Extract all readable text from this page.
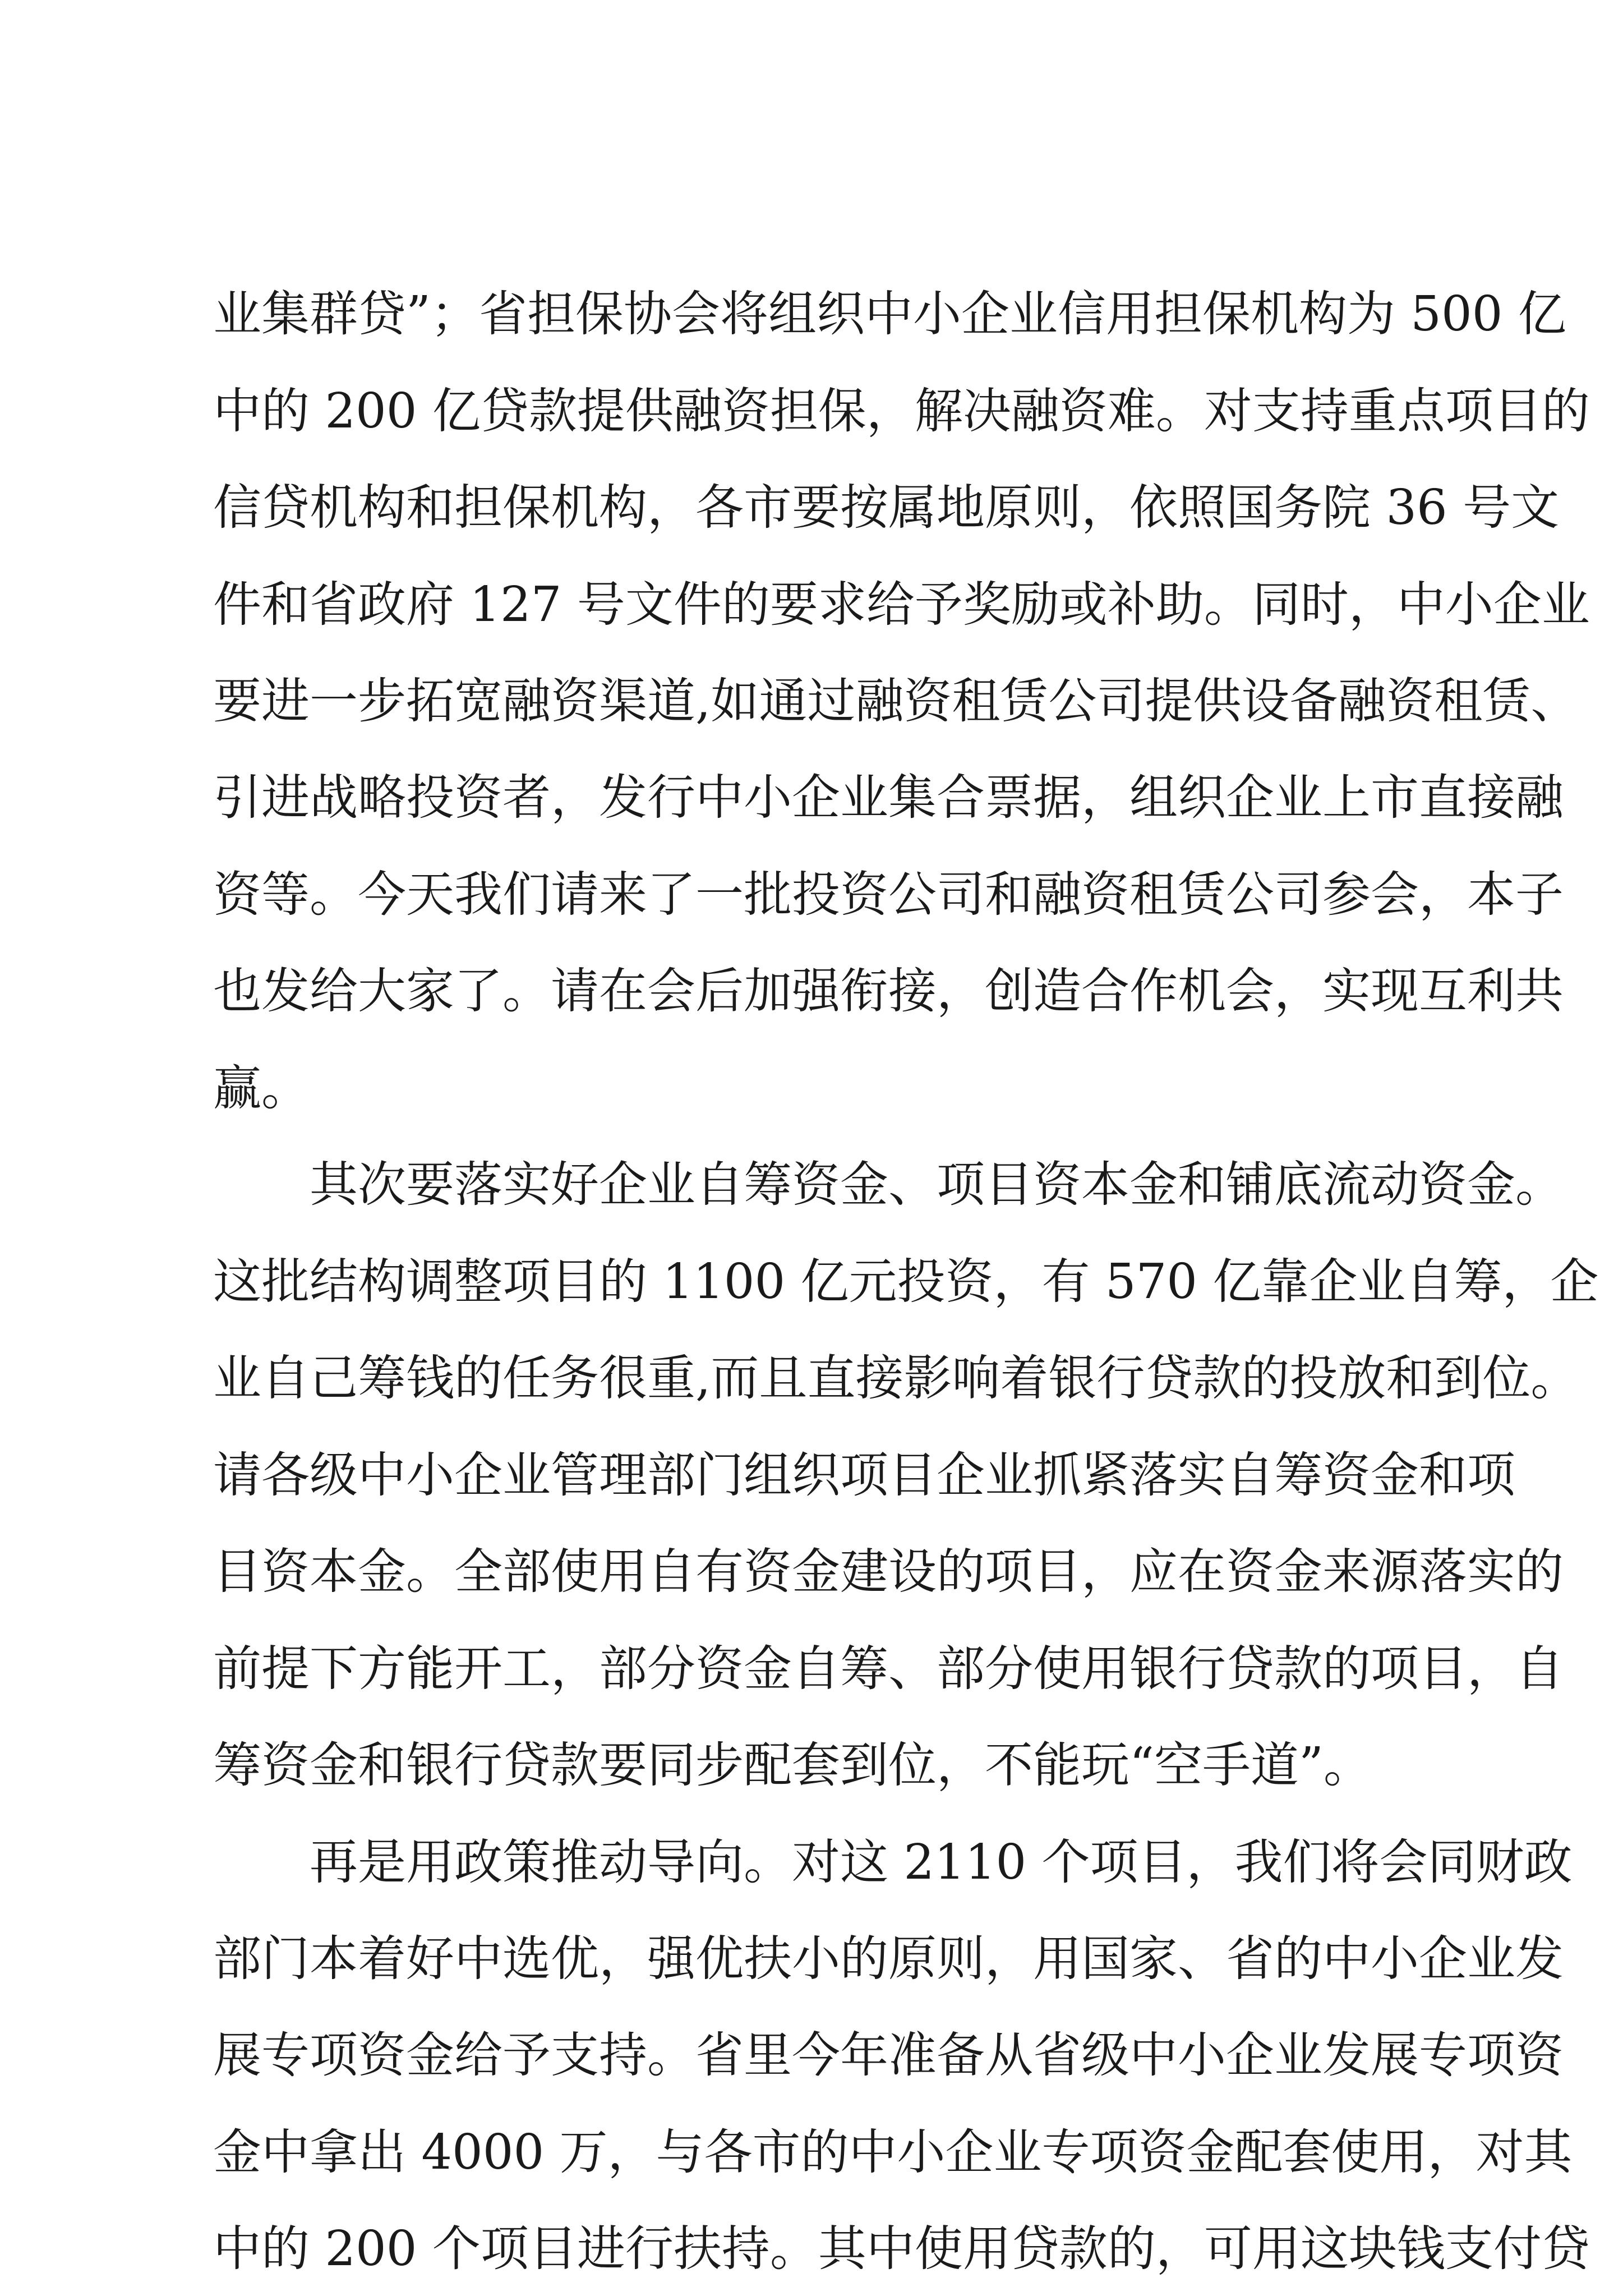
业集群贷”；省担保协会将组织中小企业信用担保机构为 500 亿
中的 200 亿贷款提供融资担保，解决融资难。对支持重点项目的
信贷机构和担保机构，各市要按属地原则，依照国务院 36 号文
件和省政府 127 号文件的要求给予奖励或补助。同时，中小企业
要进一步拓宽融资渠道,如通过融资租赁公司提供设备融资租赁、
引进战略投资者，发行中小企业集合票据，组织企业上市直接融
资等。今天我们请来了一批投资公司和融资租赁公司参会，本子
也发给大家了。请在会后加强衔接，创造合作机会，实现互利共
赢。
其次要落实好企业自筹资金、项目资本金和铺底流动资金。
这批结构调整项目的 1100 亿元投资，有 570 亿靠企业自筹，企
业自己筹钱的任务很重,而且直接影响着银行贷款的投放和到位。
请各级中小企业管理部门组织项目企业抓紧落实自筹资金和项
目资本金。全部使用自有资金建设的项目，应在资金来源落实的
前提下方能开工，部分资金自筹、部分使用银行贷款的项目，自
筹资金和银行贷款要同步配套到位，不能玩“空手道”。
再是用政策推动导向。对这 2110 个项目，我们将会同财政
部门本着好中选优，强优扶小的原则，用国家、省的中小企业发
展专项资金给予支持。省里今年准备从省级中小企业发展专项资
金中拿出 4000 万，与各市的中小企业专项资金配套使用，对其
中的 200 个项目进行扶持。其中使用贷款的，可用这块钱支付贷
